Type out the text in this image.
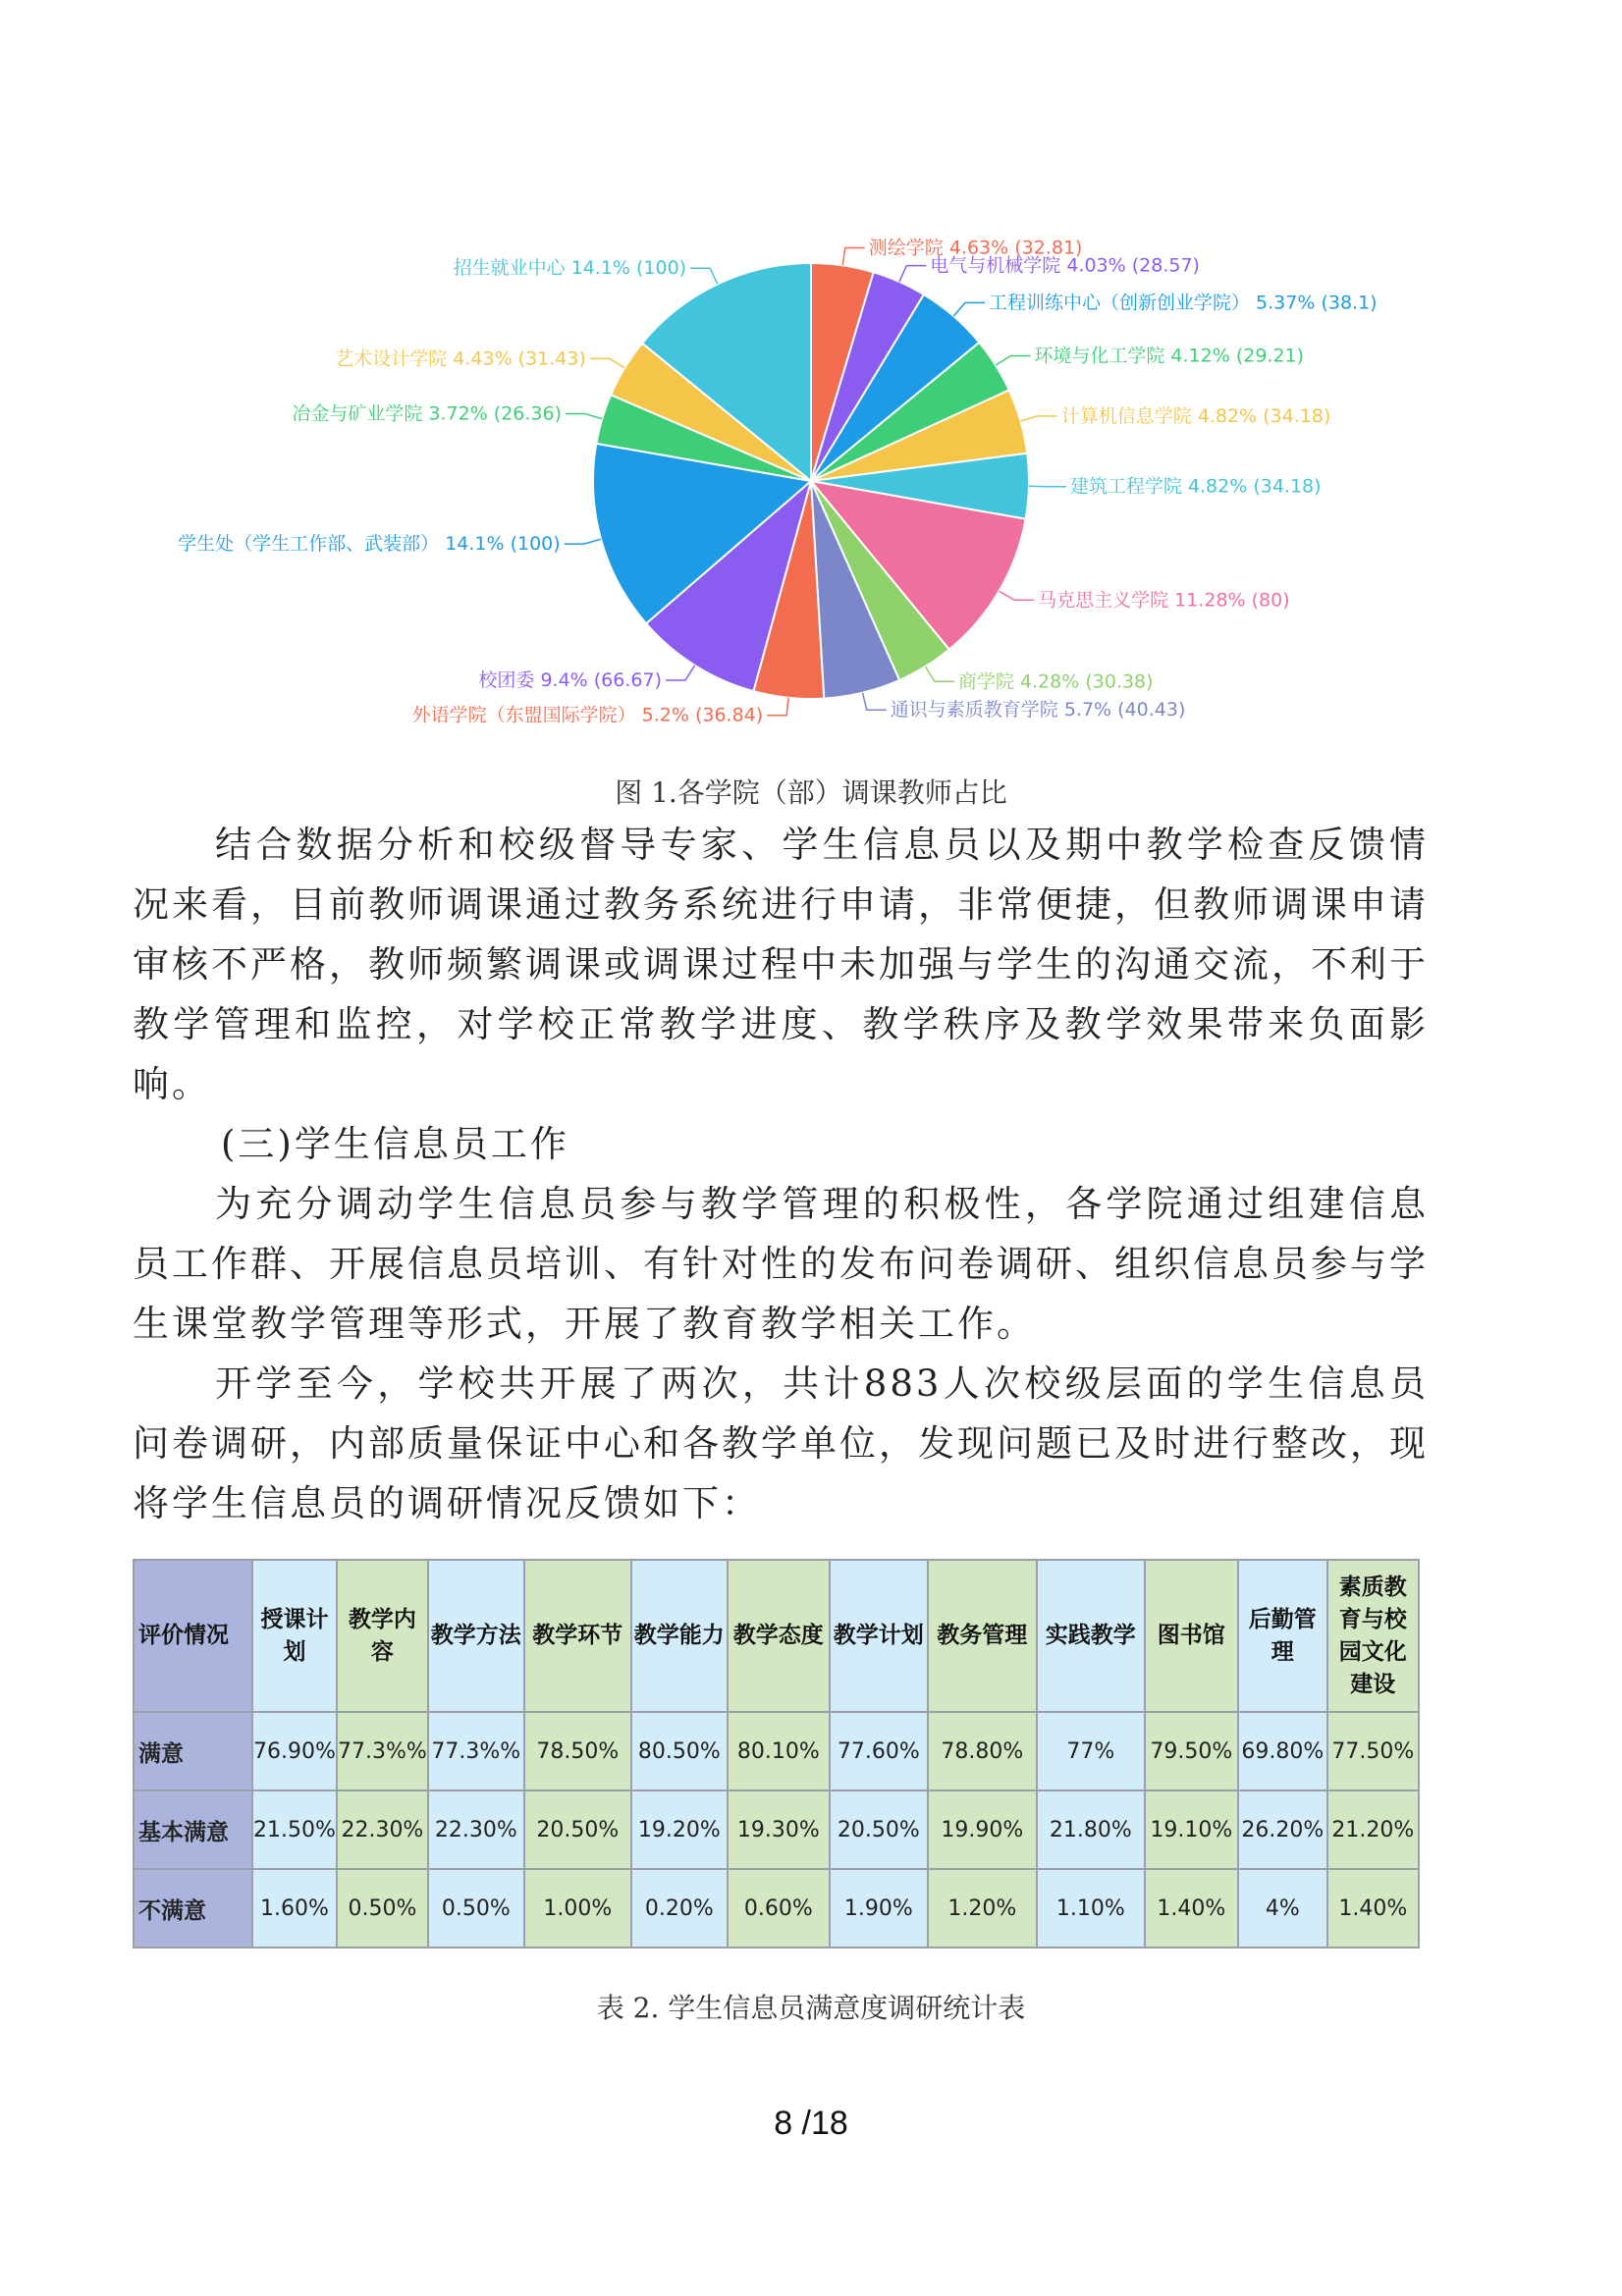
测绘学院 4.63% (32.81)
电气与机械学院 4.03% (28.57)
工程训练中心（创新创业学院） 5.37% (38.1)
环境与化工学院 4.12% (29.21)
计算机信息学院 4.82% (34.18)
建筑工程学院 4.82% (34.18)
马克思主义学院 11.28% (80)
商学院 4.28% (30.38)
通识与素质教育学院 5.7% (40.43)
外语学院（东盟国际学院） 5.2% (36.84)
校团委 9.4% (66.67)
学生处（学生工作部、武装部） 14.1% (100)
冶金与矿业学院 3.72% (26.36)
艺术设计学院 4.43% (31.43)
招生就业中心 14.1% (100)
图 1.各学院（部）调课教师占比

结合数据分析和校级督导专家、学生信息员以及期中教学检查反馈情况来看，目前教师调课通过教务系统进行申请，非常便捷，但教师调课申请审核不严格，教师频繁调课或调课过程中未加强与学生的沟通交流，不利于教学管理和监控，对学校正常教学进度、教学秩序及教学效果带来负面影响。

(三)学生信息员工作

为充分调动学生信息员参与教学管理的积极性，各学院通过组建信息员工作群、开展信息员培训、有针对性的发布问卷调研、组织信息员参与学生课堂教学管理等形式，开展了教育教学相关工作。

开学至今，学校共开展了两次，共计883人次校级层面的学生信息员问卷调研，内部质量保证中心和各教学单位，发现问题已及时进行整改，现将学生信息员的调研情况反馈如下：

评价情况	授课计划	教学内容	教学方法	教学环节	教学能力	教学态度	教学计划	教务管理	实践教学	图书馆	后勤管理	素质教育与校园文化建设
满意	76.90%	77.3%%	77.3%%	78.50%	80.50%	80.10%	77.60%	78.80%	77%	79.50%	69.80%	77.50%
基本满意	21.50%	22.30%	22.30%	20.50%	19.20%	19.30%	20.50%	19.90%	21.80%	19.10%	26.20%	21.20%
不满意	1.60%	0.50%	0.50%	1.00%	0.20%	0.60%	1.90%	1.20%	1.10%	1.40%	4%	1.40%
表 2. 学生信息员满意度调研统计表
8 /18
